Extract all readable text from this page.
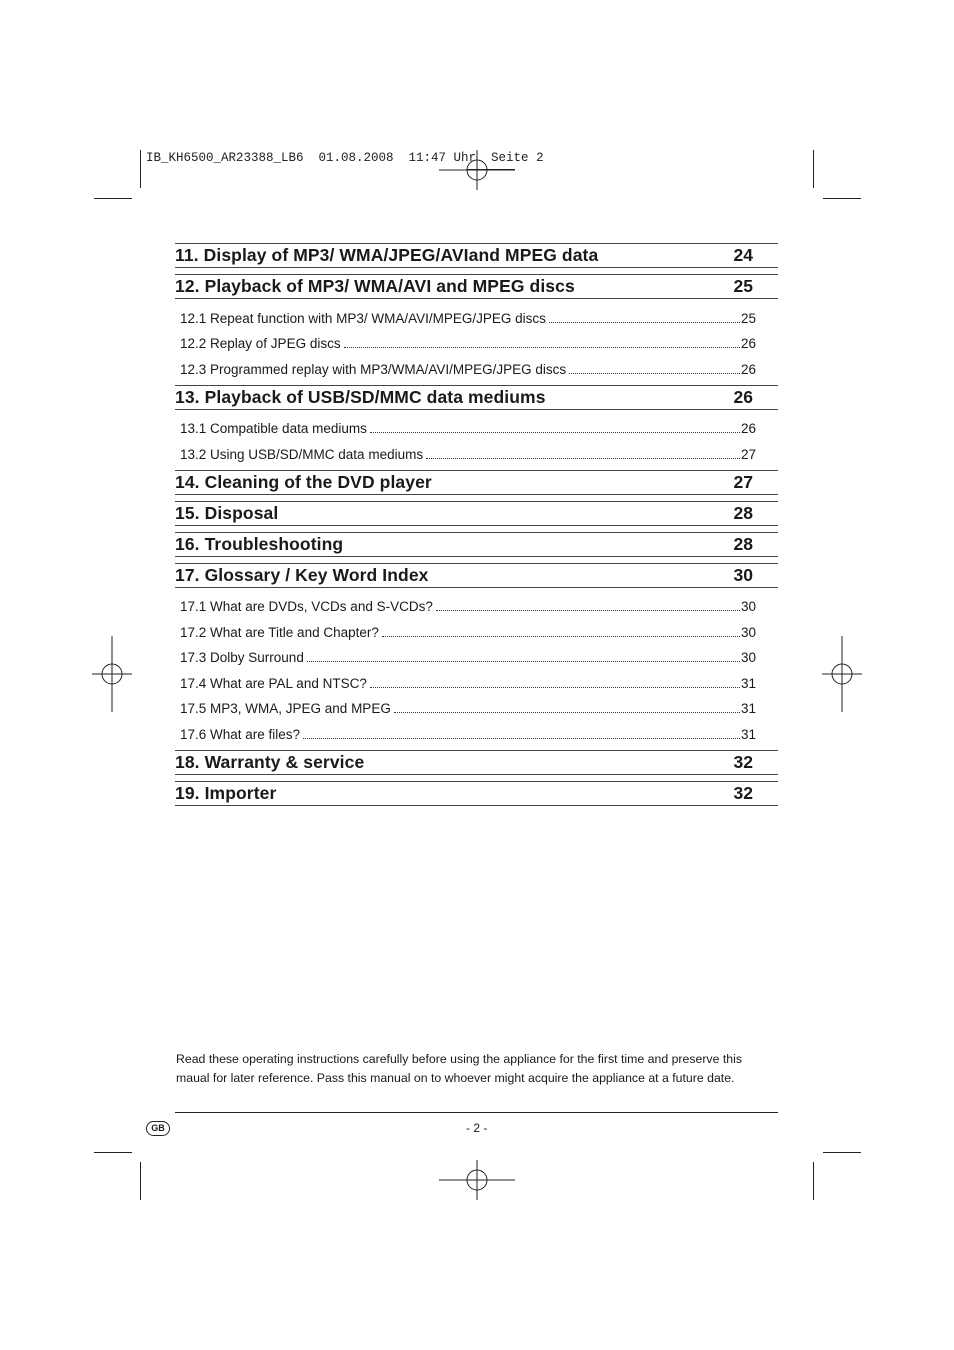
IB_KH6500_AR23388_LB6  01.08.2008  11:47 Uhr  Seite 2
11. Display of MP3/ WMA/JPEG/AVIand MPEG data	24
12. Playback of MP3/ WMA/AVI and MPEG discs	25
12.1 Repeat function with MP3/ WMA/AVI/MPEG/JPEG discs	25
12.2 Replay of JPEG discs	26
12.3 Programmed replay with MP3/WMA/AVI/MPEG/JPEG discs	26
13. Playback of USB/SD/MMC data mediums	26
13.1 Compatible data mediums	26
13.2 Using USB/SD/MMC data mediums	27
14. Cleaning of the DVD player	27
15. Disposal	28
16. Troubleshooting	28
17. Glossary / Key Word Index	30
17.1 What are DVDs, VCDs and S-VCDs?	30
17.2 What are Title and Chapter?	30
17.3 Dolby Surround	30
17.4 What are PAL and NTSC?	31
17.5 MP3, WMA, JPEG and MPEG	31
17.6 What are files?	31
18. Warranty & service	32
19. Importer	32
Read these operating instructions carefully before using the appliance for the first time and preserve this maual for later reference. Pass this manual on to whoever might acquire the appliance at a future date.
GB	- 2 -
